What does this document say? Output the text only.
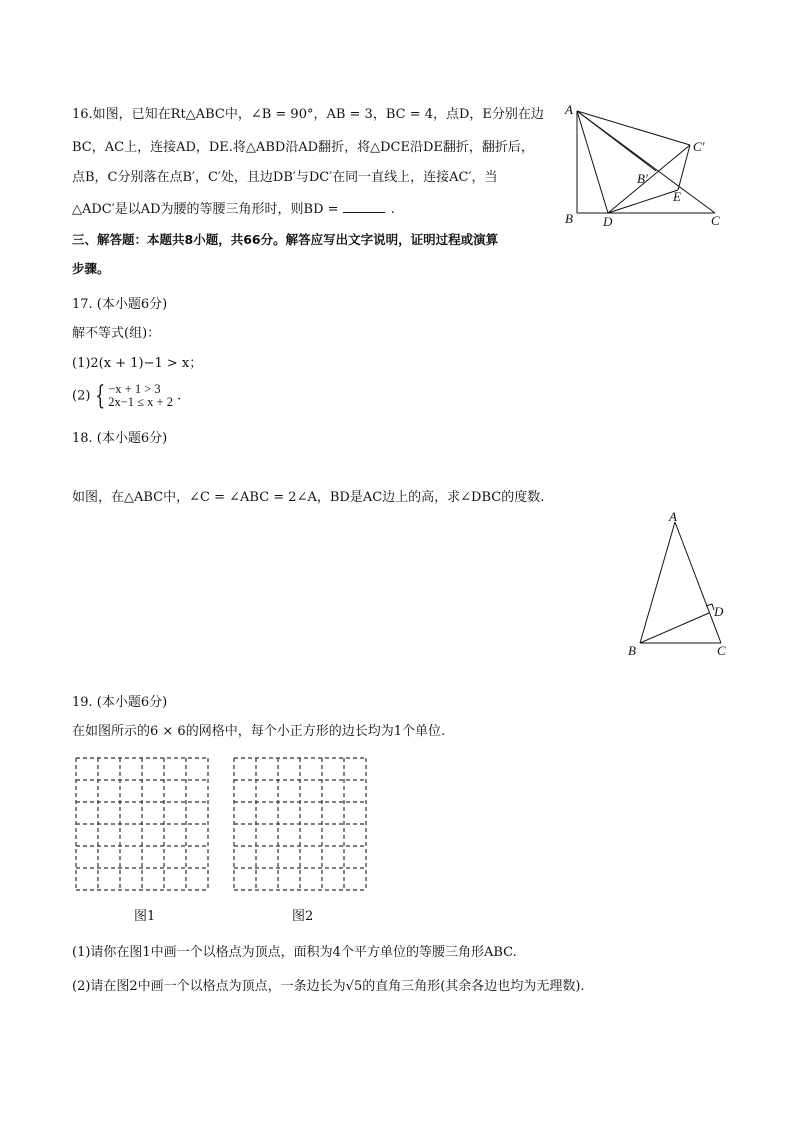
16.如图，已知在Rt△ABC中，∠B = 90°，AB = 3，BC = 4，点D，E分别在边
BC，AC上，连接AD，DE.将△ABD沿AD翻折，将△DCE沿DE翻折，翻折后，
点B，C分别落在点B′，C′处，且边DB′与DC′在同一直线上，连接AC′，当
△ADC′是以AD为腰的等腰三角形时，则BD =	.
A
B	C
D
E
B′
C′
三、解答题：本题共8小题，共66分。解答应写出文字说明，证明过程或演算
步骤。
17. (本小题6分)
解不等式(组)：
(1)2(x + 1)−1 > x；
(2) { −x + 1 > 3
2x−1 ≤ x + 2 .
18. (本小题6分)
如图，在△ABC中，∠C = ∠ABC = 2∠A，BD是AC边上的高，求∠DBC的度数.
A
B	C
D
19. (本小题6分)
在如图所示的6 × 6的网格中，每个小正方形的边长均为1个单位.
图1	图2
(1)请你在图1中画一个以格点为顶点，面积为4个平方单位的等腰三角形ABC.
(2)请在图2中画一个以格点为顶点，一条边长为√5的直角三角形(其余各边也均为无理数).
